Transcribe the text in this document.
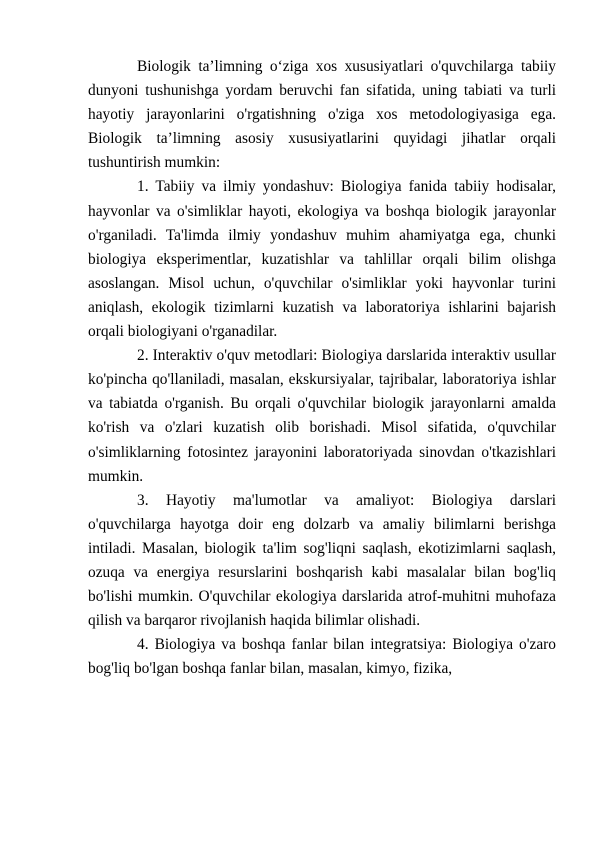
Biologik ta’limning o‘ziga xos xususiyatlari o'quvchilarga tabiiy dunyoni tushunishga yordam beruvchi fan sifatida, uning tabiati va turli hayotiy jarayonlarini o'rgatishning o'ziga xos metodologiyasiga ega. Biologik ta’limning asosiy xususiyatlarini quyidagi jihatlar orqali tushuntirish mumkin:

1. Tabiiy va ilmiy yondashuv: Biologiya fanida tabiiy hodisalar, hayvonlar va o'simliklar hayoti, ekologiya va boshqa biologik jarayonlar o'rganiladi. Ta'limda ilmiy yondashuv muhim ahamiyatga ega, chunki biologiya eksperimentlar, kuzatishlar va tahlillar orqali bilim olishga asoslangan. Misol uchun, o'quvchilar o'simliklar yoki hayvonlar turini aniqlash, ekologik tizimlarni kuzatish va laboratoriya ishlarini bajarish orqali biologiyani o'rganadilar.

2. Interaktiv o'quv metodlari: Biologiya darslarida interaktiv usullar ko'pincha qo'llaniladi, masalan, ekskursiyalar, tajribalar, laboratoriya ishlar va tabiatda o'rganish. Bu orqali o'quvchilar biologik jarayonlarni amalda ko'rish va o'zlari kuzatish olib borishadi. Misol sifatida, o'quvchilar o'simliklarning fotosintez jarayonini laboratoriyada sinovdan o'tkazishlari mumkin.

3. Hayotiy ma'lumotlar va amaliyot: Biologiya darslari o'quvchilarga hayotga doir eng dolzarb va amaliy bilimlarni berishga intiladi. Masalan, biologik ta'lim sog'liqni saqlash, ekotizimlarni saqlash, ozuqa va energiya resurslarini boshqarish kabi masalalar bilan bog'liq bo'lishi mumkin. O'quvchilar ekologiya darslarida atrof-muhitni muhofaza qilish va barqaror rivojlanish haqida bilimlar olishadi.

4. Biologiya va boshqa fanlar bilan integratsiya: Biologiya o'zaro bog'liq bo'lgan boshqa fanlar bilan, masalan, kimyo, fizika,
